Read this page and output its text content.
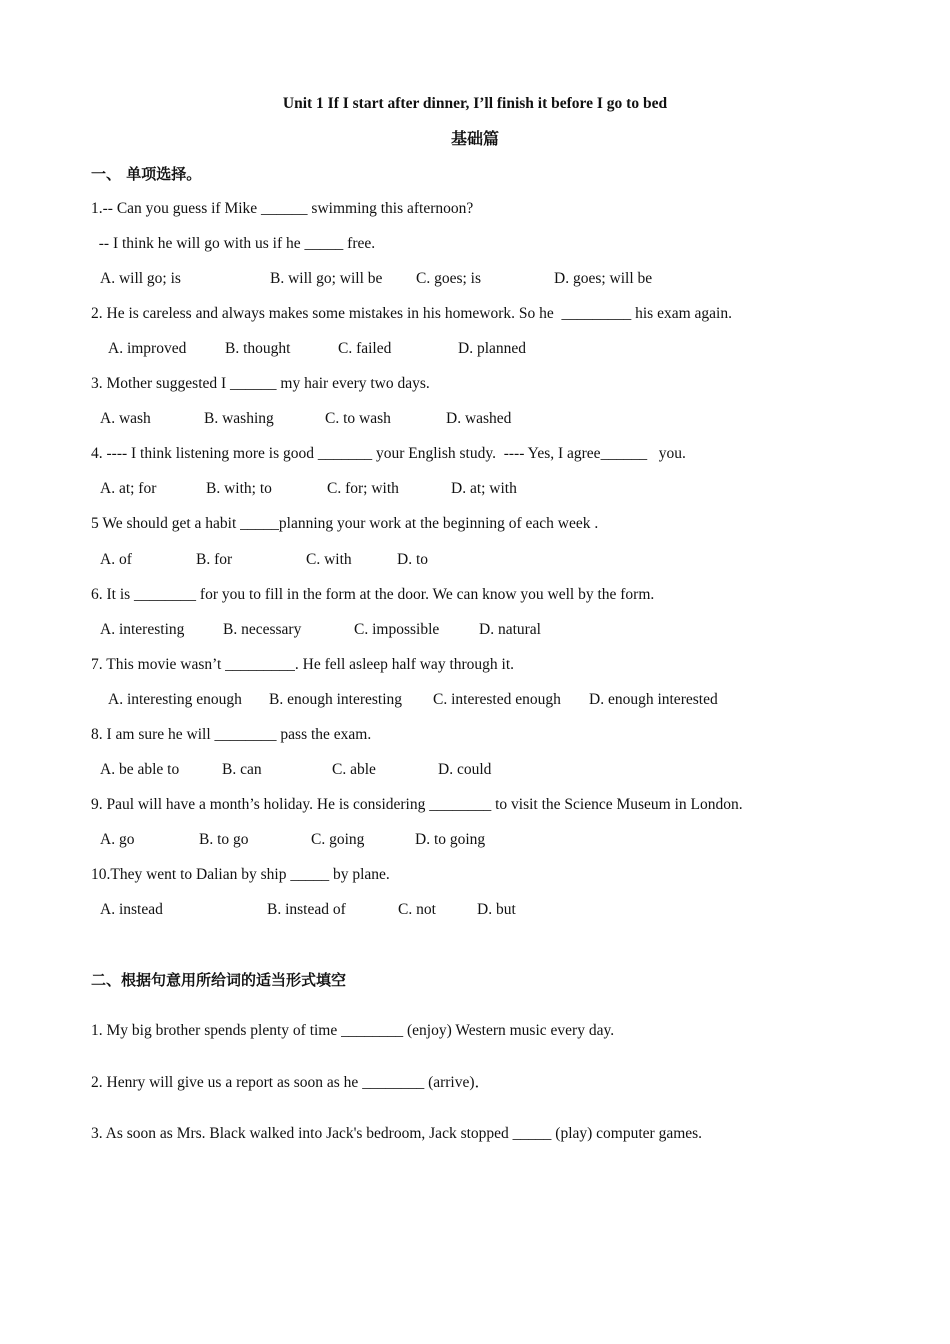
Unit 1 If I start after dinner, I’ll finish it before I go to bed
基础篇
一、 单项选择。
1.-- Can you guess if Mike ______ swimming this afternoon?
-- I think he will go with us if he _____ free.
A. will go; is	B. will go; will be C. goes; is	D. goes; will be
2. He is careless and always makes some mistakes in his homework. So he  _________ his exam again.
A. improved B. thought	C. failed	D. planned
3. Mother suggested I ______ my hair every two days.
A. wash	B. washing	C. to wash	D. washed
4. ---- I think listening more is good _______ your English study.  ---- Yes, I agree______   you.
A. at; for	B. with; to	C. for; with	D. at; with
5 We should get a habit _____planning your work at the beginning of each week .
A. of	B. for	C. with	D. to
6. It is ________ for you to fill in the form at the door. We can know you well by the form.
A. interesting B. necessary	C. impossible	D. natural
7. This movie wasn’t _________. He fell asleep half way through it.
A. interesting enough B. enough interesting C. interested enough D. enough interested
8. I am sure he will ________ pass the exam.
A. be able to	B. can	C. able	D. could
9. Paul will have a month’s holiday. He is considering ________ to visit the Science Museum in London.
A. go	B. to go	C. going	D. to going
10.They went to Dalian by ship _____ by plane.
A. instead	B. instead of	C. not	D. but
二、根据句意用所给词的适当形式填空
1. My big brother spends plenty of time ________ (enjoy) Western music every day.
2. Henry will give us a report as soon as he ________ (arrive)．
3. As soon as Mrs. Black walked into Jack's bedroom, Jack stopped _____ (play) computer games.
